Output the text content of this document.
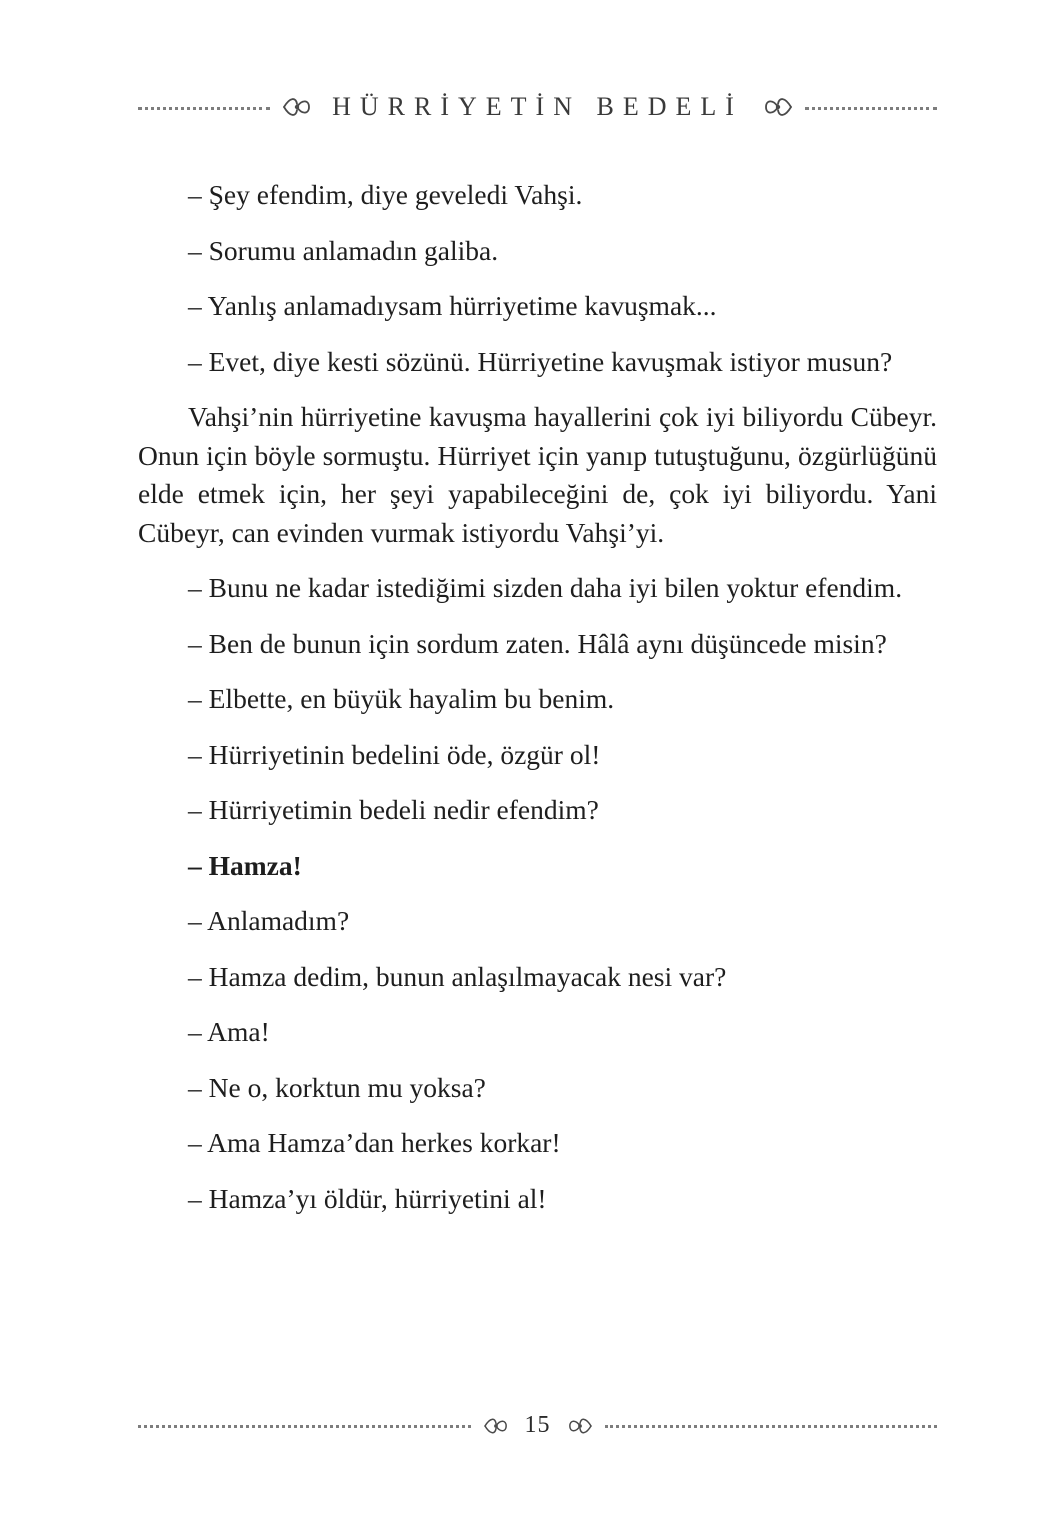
HÜRRİYETİN BEDELİ

– Şey efendim, diye geveledi Vahşi.

– Sorumu anlamadın galiba.

– Yanlış anlamadıysam hürriyetime kavuşmak...

– Evet, diye kesti sözünü. Hürriyetine kavuşmak istiyor musun?

Vahşi’nin hürriyetine kavuşma hayallerini çok iyi biliyordu Cübeyr. Onun için böyle sormuştu. Hürriyet için yanıp tutuştuğunu, özgürlüğünü elde etmek için, her şeyi yapabileceğini de, çok iyi biliyordu. Yani Cübeyr, can evinden vurmak istiyordu Vahşi’yi.

– Bunu ne kadar istediğimi sizden daha iyi bilen yoktur efendim.

– Ben de bunun için sordum zaten. Hâlâ aynı düşüncede misin?

– Elbette, en büyük hayalim bu benim.

– Hürriyetinin bedelini öde, özgür ol!

– Hürriyetimin bedeli nedir efendim?

– Hamza!

– Anlamadım?

– Hamza dedim, bunun anlaşılmayacak nesi var?

– Ama!

– Ne o, korktun mu yoksa?

– Ama Hamza’dan herkes korkar!

– Hamza’yı öldür, hürriyetini al!

15
